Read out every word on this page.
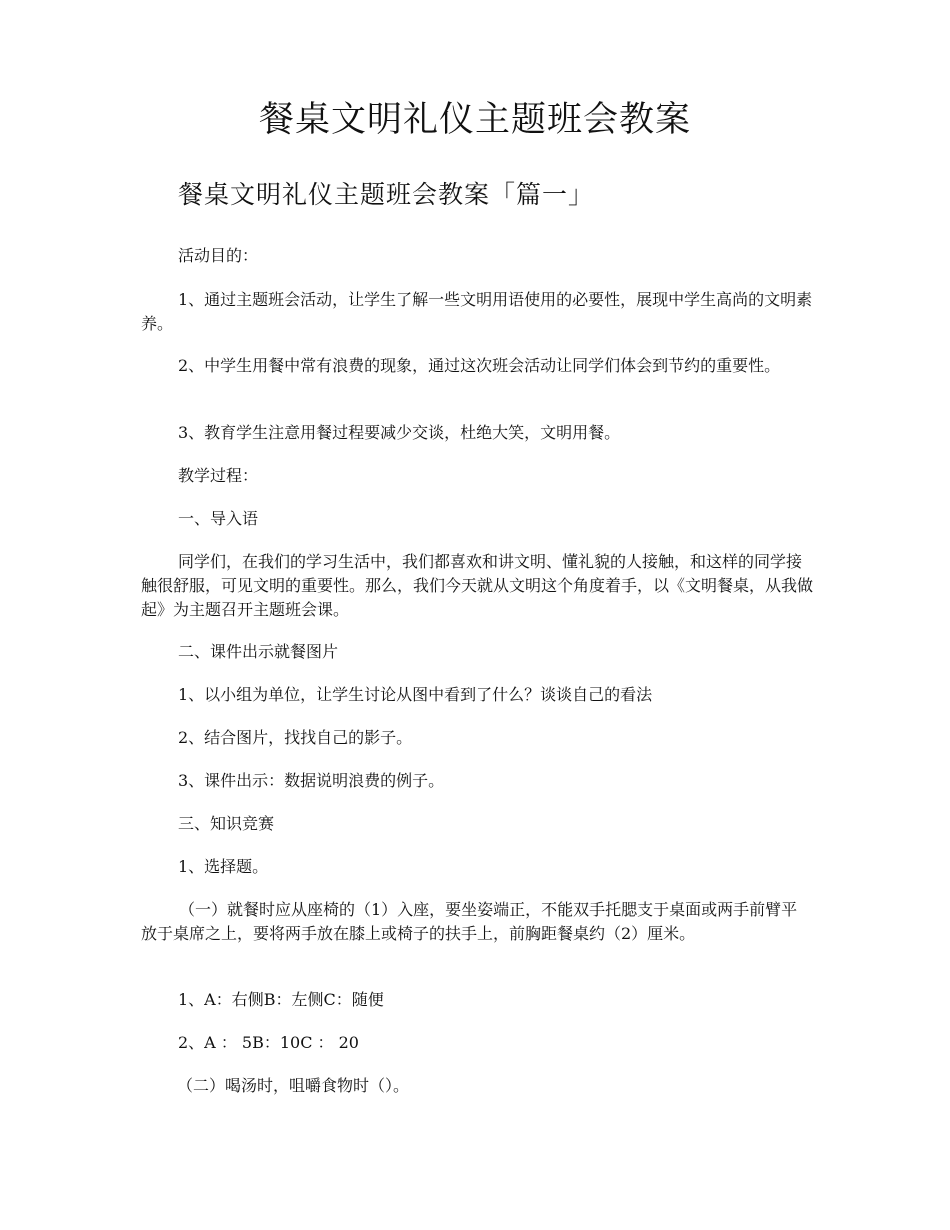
餐桌文明礼仪主题班会教案
餐桌文明礼仪主题班会教案「篇一」

活动目的：

1、通过主题班会活动，让学生了解一些文明用语使用的必要性，展现中学生高尚的文明素养。

2、中学生用餐中常有浪费的现象，通过这次班会活动让同学们体会到节约的重要性。

3、教育学生注意用餐过程要减少交谈，杜绝大笑，文明用餐。

教学过程：

一、导入语

同学们，在我们的学习生活中，我们都喜欢和讲文明、懂礼貌的人接触，和这样的同学接触很舒服，可见文明的重要性。那么，我们今天就从文明这个角度着手，以《文明餐桌，从我做起》为主题召开主题班会课。

二、课件出示就餐图片

1、以小组为单位，让学生讨论从图中看到了什么？谈谈自己的看法

2、结合图片，找找自己的影子。

3、课件出示：数据说明浪费的例子。

三、知识竞赛

1、选择题。

（一）就餐时应从座椅的（1）入座，要坐姿端正，不能双手托腮支于桌面或两手前臂平放于桌席之上，要将两手放在膝上或椅子的扶手上，前胸距餐桌约（2）厘米。

1、A：右侧B：左侧C：随便

2、A ： 5B：10C ： 20

（二）喝汤时，咀嚼食物时（）。
